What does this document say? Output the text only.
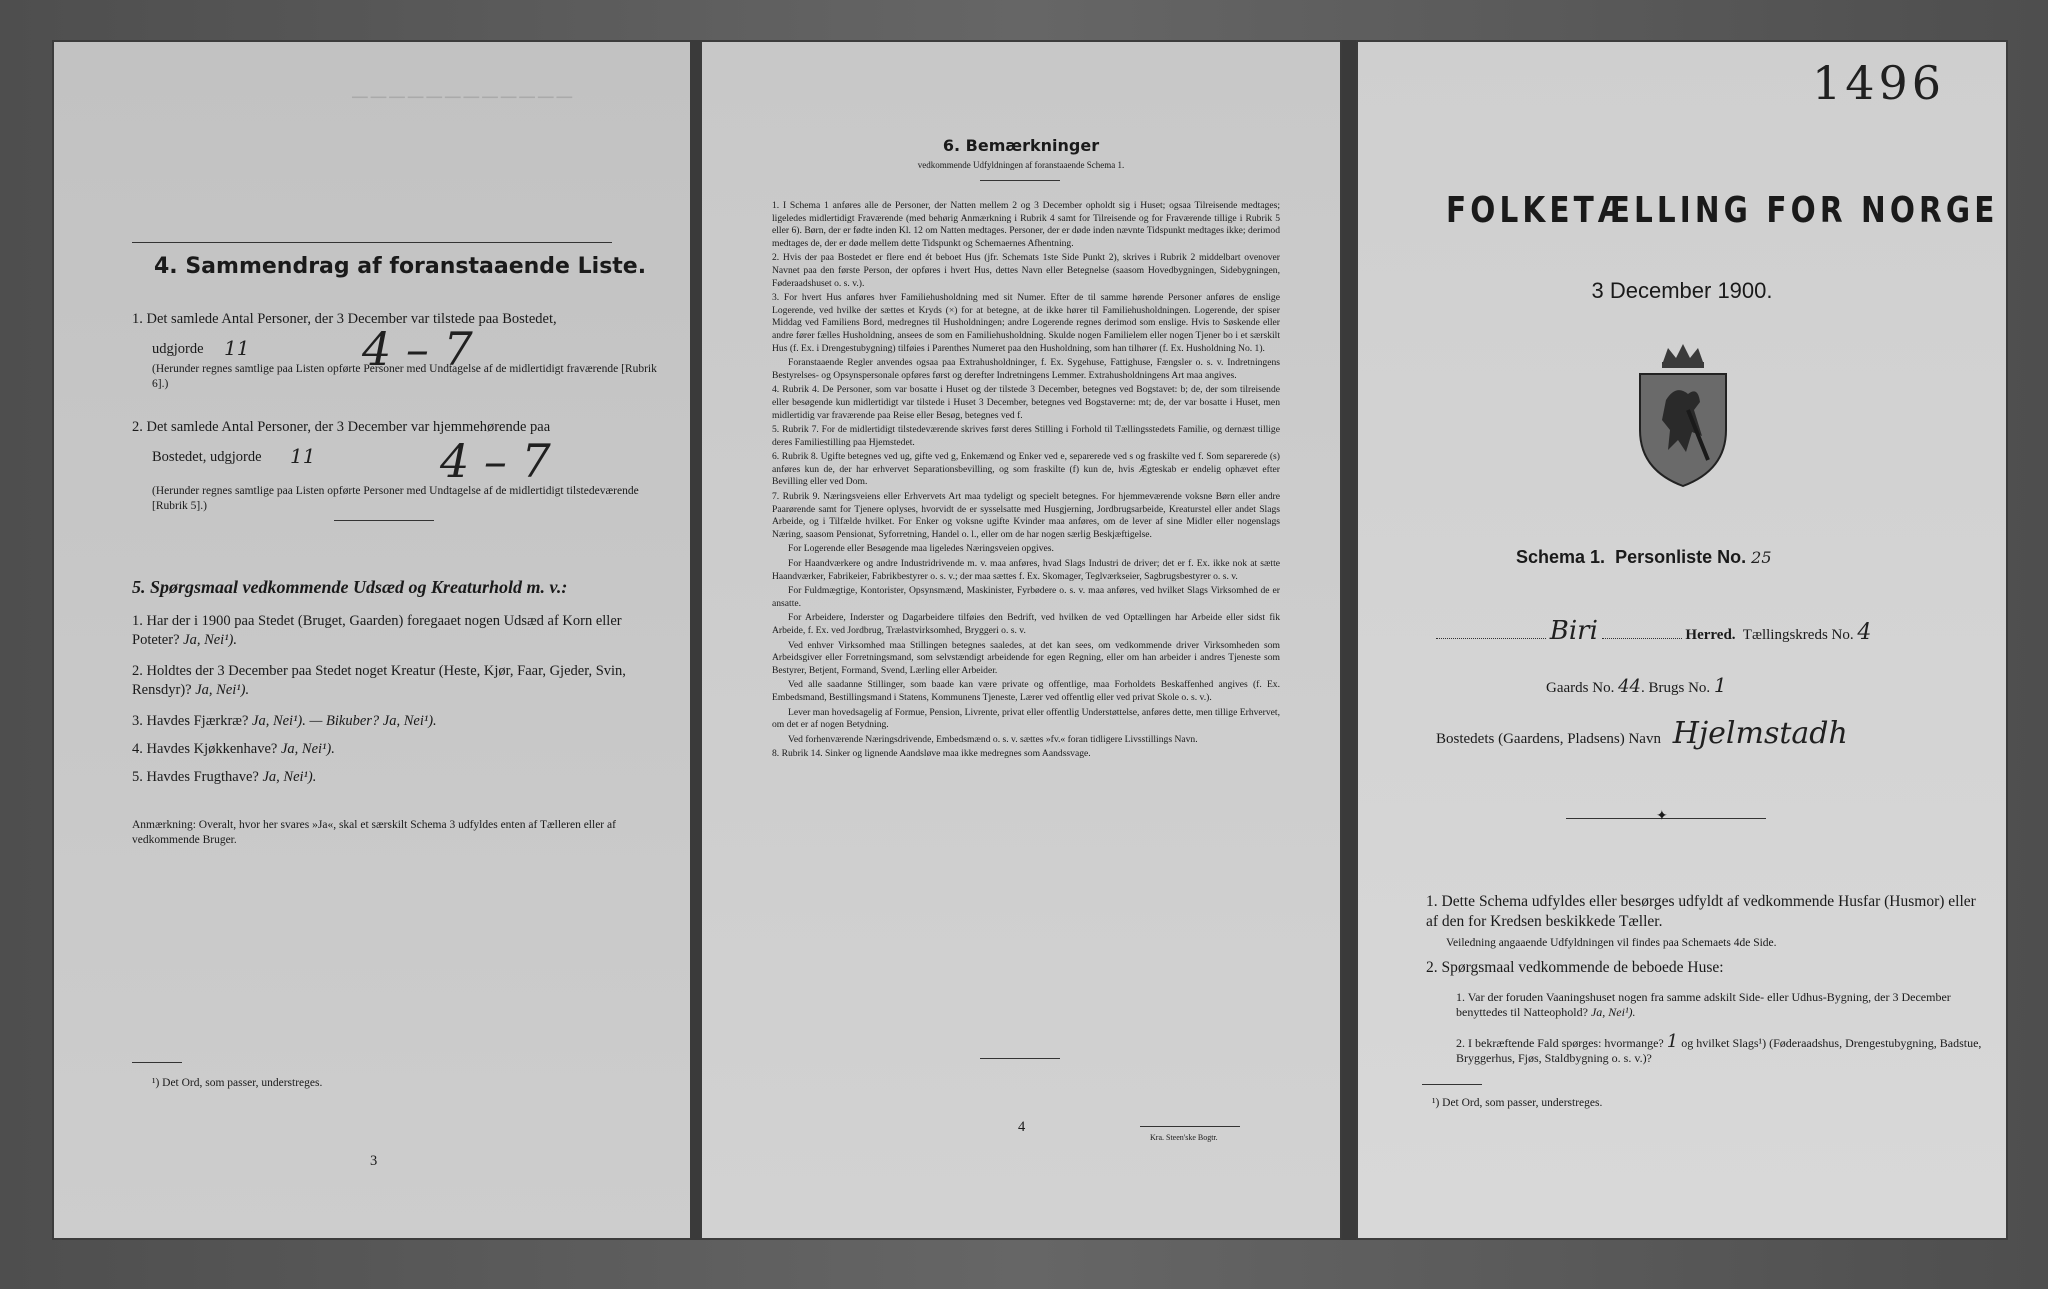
────────────
4. Sammendrag af foranstaaende Liste.
1. Det samlede Antal Personer, der 3 December var tilstede paa Bostedet,
udgjorde 11 4 – 7
(Herunder regnes samtlige paa Listen opførte Personer med Undtagelse af de midlertidigt fraværende [Rubrik 6].)
2. Det samlede Antal Personer, der 3 December var hjemmehørende paa
Bostedet, udgjorde 11	4 – 7
(Herunder regnes samtlige paa Listen opførte Personer med Undtagelse af de midlertidigt tilstedeværende [Rubrik 5].)
5. Spørgsmaal vedkommende Udsæd og Kreaturhold m. v.:
1. Har der i 1900 paa Stedet (Bruget, Gaarden) foregaaet nogen Udsæd af Korn eller Poteter? Ja, Nei¹).
2. Holdtes der 3 December paa Stedet noget Kreatur (Heste, Kjør, Faar, Gjeder, Svin, Rensdyr)? Ja, Nei¹).
3. Havdes Fjærkræ? Ja, Nei¹). — Bikuber? Ja, Nei¹).
4. Havdes Kjøkkenhave? Ja, Nei¹).
5. Havdes Frugthave? Ja, Nei¹).
Anmærkning: Overalt, hvor her svares »Ja«, skal et særskilt Schema 3 udfyldes enten af Tælleren eller af vedkommende Bruger.
¹) Det Ord, som passer, understreges.
3
6. Bemærkninger
vedkommende Udfyldningen af foranstaaende Schema 1.

1. I Schema 1 anføres alle de Personer, der Natten mellem 2 og 3 December opholdt sig i Huset; ogsaa Tilreisende medtages; ligeledes midlertidigt Fraværende (med behørig Anmærkning i Rubrik 4 samt for Tilreisende og for Fraværende tillige i Rubrik 5 eller 6). Børn, der er fødte inden Kl. 12 om Natten medtages. Personer, der er døde inden nævnte Tidspunkt medtages ikke; derimod medtages de, der er døde mellem dette Tidspunkt og Schemaernes Afhentning.

2. Hvis der paa Bostedet er flere end ét beboet Hus (jfr. Schemats 1ste Side Punkt 2), skrives i Rubrik 2 middelbart ovenover Navnet paa den første Person, der opføres i hvert Hus, dettes Navn eller Betegnelse (saasom Hovedbygningen, Sidebygningen, Føderaadshuset o. s. v.).

3. For hvert Hus anføres hver Familiehusholdning med sit Numer. Efter de til samme hørende Personer anføres de enslige Logerende, ved hvilke der sættes et Kryds (×) for at betegne, at de ikke hører til Familiehusholdningen. Logerende, der spiser Middag ved Familiens Bord, medregnes til Husholdningen; andre Logerende regnes derimod som enslige. Hvis to Søskende eller andre fører fælles Husholdning, ansees de som en Familiehusholdning. Skulde nogen Familielem eller nogen Tjener bo i et særskilt Hus (f. Ex. i Drengestubygning) tilføies i Parenthes Numeret paa den Husholdning, som han tilhører (f. Ex. Husholdning No. 1).

Foranstaaende Regler anvendes ogsaa paa Extrahusholdninger, f. Ex. Sygehuse, Fattighuse, Fængsler o. s. v. Indretningens Bestyrelses- og Opsynspersonale opføres først og derefter Indretningens Lemmer. Extrahusholdningens Art maa angives.

4. Rubrik 4. De Personer, som var bosatte i Huset og der tilstede 3 December, betegnes ved Bogstavet: b; de, der som tilreisende eller besøgende kun midlertidigt var tilstede i Huset 3 December, betegnes ved Bogstaverne: mt; de, der var bosatte i Huset, men midlertidig var fraværende paa Reise eller Besøg, betegnes ved f.

5. Rubrik 7. For de midlertidigt tilstedeværende skrives først deres Stilling i Forhold til Tællingsstedets Familie, og dernæst tillige deres Familiestilling paa Hjemstedet.

6. Rubrik 8. Ugifte betegnes ved ug, gifte ved g, Enkemænd og Enker ved e, separerede ved s og fraskilte ved f. Som separerede (s) anføres kun de, der har erhvervet Separationsbevilling, og som fraskilte (f) kun de, hvis Ægteskab er endelig ophævet efter Bevilling eller ved Dom.

7. Rubrik 9. Næringsveiens eller Erhvervets Art maa tydeligt og specielt betegnes. For hjemmeværende voksne Børn eller andre Paarørende samt for Tjenere oplyses, hvorvidt de er sysselsatte med Husgjerning, Jordbrugsarbeide, Kreaturstel eller andet Slags Arbeide, og i Tilfælde hvilket. For Enker og voksne ugifte Kvinder maa anføres, om de lever af sine Midler eller nogenslags Næring, saasom Pensionat, Syforretning, Handel o. l., eller om de har nogen særlig Beskjæftigelse.

For Logerende eller Besøgende maa ligeledes Næringsveien opgives.

For Haandværkere og andre Industridrivende m. v. maa anføres, hvad Slags Industri de driver; det er f. Ex. ikke nok at sætte Haandværker, Fabrikeier, Fabrikbestyrer o. s. v.; der maa sættes f. Ex. Skomager, Teglværkseier, Sagbrugsbestyrer o. s. v.

For Fuldmægtige, Kontorister, Opsynsmænd, Maskinister, Fyrbødere o. s. v. maa anføres, ved hvilket Slags Virksomhed de er ansatte.

For Arbeidere, Inderster og Dagarbeidere tilføies den Bedrift, ved hvilken de ved Optællingen har Arbeide eller sidst fik Arbeide, f. Ex. ved Jordbrug, Trælastvirksomhed, Bryggeri o. s. v.

Ved enhver Virksomhed maa Stillingen betegnes saaledes, at det kan sees, om vedkommende driver Virksomheden som Arbeidsgiver eller Forretningsmand, som selvstændigt arbeidende for egen Regning, eller om han arbeider i andres Tjeneste som Bestyrer, Betjent, Formand, Svend, Lærling eller Arbeider.

Ved alle saadanne Stillinger, som baade kan være private og offentlige, maa Forholdets Beskaffenhed angives (f. Ex. Embedsmand, Bestillingsmand i Statens, Kommunens Tjeneste, Lærer ved offentlig eller ved privat Skole o. s. v.).

Lever man hovedsagelig af Formue, Pension, Livrente, privat eller offentlig Understøttelse, anføres dette, men tillige Erhvervet, om det er af nogen Betydning.

Ved forhenværende Næringsdrivende, Embedsmænd o. s. v. sættes »fv.« foran tidligere Livsstillings Navn.

8. Rubrik 14. Sinker og lignende Aandsløve maa ikke medregnes som Aandssvage.

4
Kra. Steen'ske Bogtr.
1496
FOLKETÆLLING FOR NORGE
3 December 1900.
Schema 1. Personliste No. 25
Biri	Herred. Tællingskreds No. 4
Gaards No. 44. Brugs No. 1
Bostedets (Gaardens, Pladsens) Navn Hjelmstadh
✦
1. Dette Schema udfyldes eller besørges udfyldt af vedkommende Husfar (Husmor) eller af den for Kredsen beskikkede Tæller.
Veiledning angaaende Udfyldningen vil findes paa Schemaets 4de Side.
2. Spørgsmaal vedkommende de beboede Huse:
1. Var der foruden Vaaningshuset nogen fra samme adskilt Side- eller Udhus-Bygning, der 3 December benyttedes til Natteophold? Ja, Nei¹).
2. I bekræftende Fald spørges: hvormange? 1 og hvilket Slags¹) (Føderaadshus, Drengestubygning, Badstue, Bryggerhus, Fjøs, Staldbygning o. s. v.)?
¹) Det Ord, som passer, understreges.
